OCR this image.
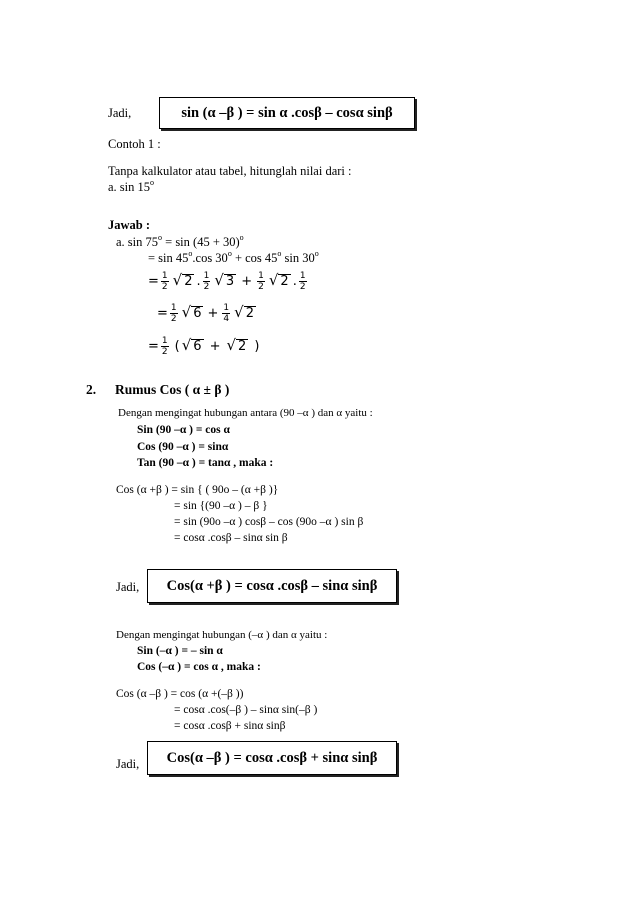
Jadi,	sin (α –β ) = sin α .cosβ – cosα sinβ
Contoh 1 :
Tanpa kalkulator atau tabel, hitunglah nilai dari :
a. sin 15$^o$
Jawab :
a. $\sin 75^o = \sin (45 + 30)^o$
= sin 45$^o$.cos $30^o + \cos 45^o$ $\sin 30^o$
= $\frac{1}{2}$ √ 2 . $\frac{1}{2}$ √ $3 + \frac{1}{2}$ √ 2 . $\frac{1}{2}$
= $\frac{1}{2}$ √ $6 + \frac{1}{4}$ √ 2
= $\frac{1}{2}$ ( √ 6 + √ 2 )
2. Rumus Cos ( α ± β )
Dengan mengingat hubungan antara (90 –α ) dan α yaitu :
Sin (90 –α ) = cos α
Cos (90 –α ) = sinα
Tan (90 –α ) = tanα , maka :
Cos (α +β ) = sin { ( 90o – (α +β )}
= sin {(90 –α ) – β }
= sin (90o –α ) cosβ – cos (90o –α ) sin β
= cosα .cosβ – sinα sin β
Jadi, Cos(α +β ) = cosα .cosβ – sinα sinβ
Dengan mengingat hubungan (–α ) dan α yaitu :
Sin (–α ) = – sin α
Cos (–α ) = cos α , maka :
Cos (α –β ) = cos (α +(–β ))
= cosα .cos(–β ) – sinα sin(–β )
= cosα .cosβ + sinα sinβ
Jadi, Cos(α –β ) = cosα .cosβ + sinα sinβ
